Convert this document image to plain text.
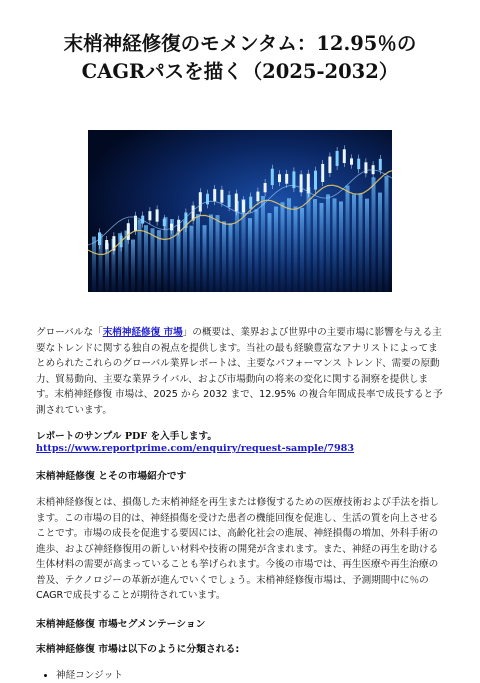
末梢神経修復のモメンタム：12.95％のCAGRパスを描く（2025-2032）

グローバルな「末梢神経修復 市場」の概要は、業界および世界中の主要市場に影響を与える主要なトレンドに関する独自の視点を提供します。当社の最も経験豊富なアナリストによってまとめられたこれらのグローバル業界レポートは、主要なパフォーマンス トレンド、需要の原動力、貿易動向、主要な業界ライバル、および市場動向の将来の変化に関する洞察を提供します。末梢神経修復 市場は、2025 から 2032 まで、12.95% の複合年間成長率で成長すると予測されています。

レポートのサンプル PDF を入手します。https://www.reportprime.com/enquiry/request-sample/7983

末梢神経修復 とその市場紹介です

末梢神経修復とは、損傷した末梢神経を再生または修復するための医療技術および手法を指します。この市場の目的は、神経損傷を受けた患者の機能回復を促進し、生活の質を向上させることです。市場の成長を促進する要因には、高齢化社会の進展、神経損傷の増加、外科手術の進歩、および神経修復用の新しい材料や技術の開発が含まれます。また、神経の再生を助ける生体材料の需要が高まっていることも挙げられます。今後の市場では、再生医療や再生治療の普及、テクノロジーの革新が進んでいくでしょう。末梢神経修復市場は、予測期間中に％のCAGRで成長することが期待されています。

末梢神経修復 市場セグメンテーション
末梢神経修復 市場は以下のように分類される:
• 神経コンジット
